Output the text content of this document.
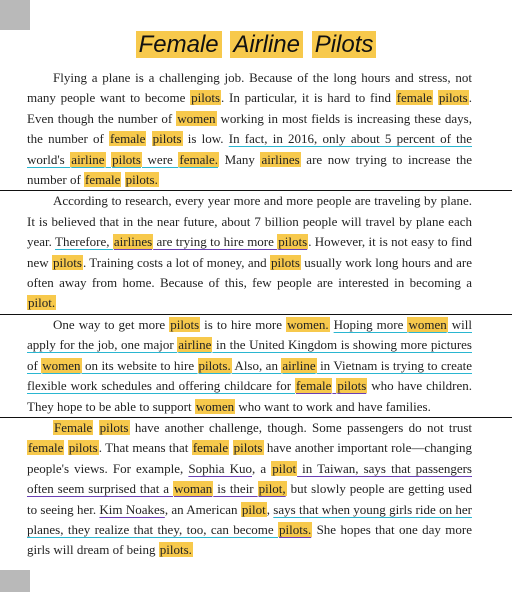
Female Airline Pilots

Flying a plane is a challenging job. Because of the long hours and stress, not many people want to become pilots. In particular, it is hard to find female pilots. Even though the number of women working in most fields is increasing these days, the number of female pilots is low. In fact, in 2016, only about 5 percent of the world's airline pilots were female. Many airlines are now trying to increase the number of female pilots.

According to research, every year more and more people are traveling by plane. It is believed that in the near future, about 7 billion people will travel by plane each year. Therefore, airlines are trying to hire more pilots. However, it is not easy to find new pilots. Training costs a lot of money, and pilots usually work long hours and are often away from home. Because of this, few people are interested in becoming a pilot.

One way to get more pilots is to hire more women. Hoping more women will apply for the job, one major airline in the United Kingdom is showing more pictures of women on its website to hire pilots. Also, an airline in Vietnam is trying to create flexible work schedules and offering childcare for female pilots who have children. They hope to be able to support women who want to work and have families.

Female pilots have another challenge, though. Some passengers do not trust female pilots. That means that female pilots have another important role—changing people's views. For example, Sophia Kuo, a pilot in Taiwan, says that passengers often seem surprised that a woman is their pilot, but slowly people are getting used to seeing her. Kim Noakes, an American pilot, says that when young girls ride on her planes, they realize that they, too, can become pilots. She hopes that one day more girls will dream of being pilots.
